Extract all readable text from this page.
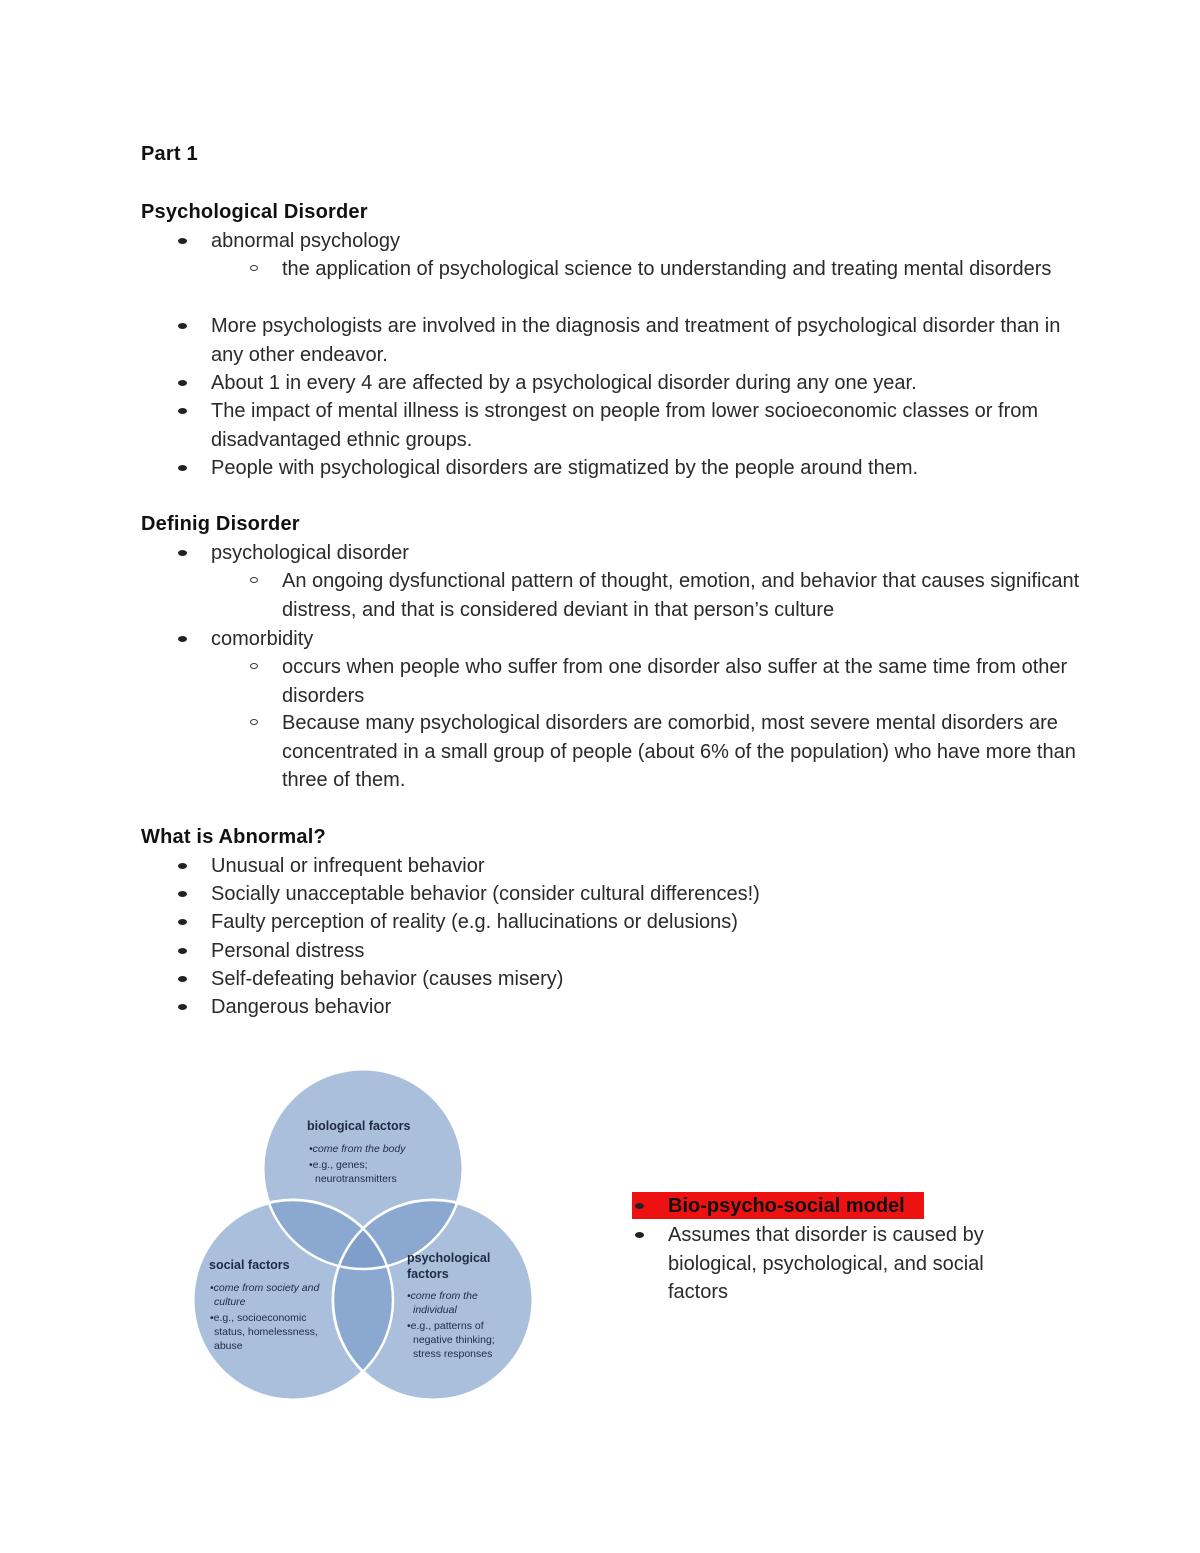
Part 1
Psychological Disorder
abnormal psychology
the application of psychological science to understanding and treating mental disorders
More psychologists are involved in the diagnosis and treatment of psychological disorder than in any other endeavor.
About 1 in every 4 are affected by a psychological disorder during any one year.
The impact of mental illness is strongest on people from lower socioeconomic classes or from disadvantaged ethnic groups.
People with psychological disorders are stigmatized by the people around them.
Definig Disorder
psychological disorder
An ongoing dysfunctional pattern of thought, emotion, and behavior that causes significant distress, and that is considered deviant in that person’s culture
comorbidity
occurs when people who suffer from one disorder also suffer at the same time from other disorders
Because many psychological disorders are comorbid, most severe mental disorders are concentrated in a small group of people (about 6% of the population) who have more than three of them.
What is Abnormal?
Unusual or infrequent behavior
Socially unacceptable behavior (consider cultural differences!)
Faulty perception of reality (e.g. hallucinations or delusions)
Personal distress
Self-defeating behavior (causes misery)
Dangerous behavior
biological factors
•come from the body
•e.g., genes;
neurotransmitters
social factors
•come from society and
culture
•e.g., socioeconomic
status, homelessness,
abuse
psychological
factors
•come from the
individual
•e.g., patterns of
negative thinking;
stress responses
Bio-psycho-social model
Assumes that disorder is caused by biological, psychological, and social factors
